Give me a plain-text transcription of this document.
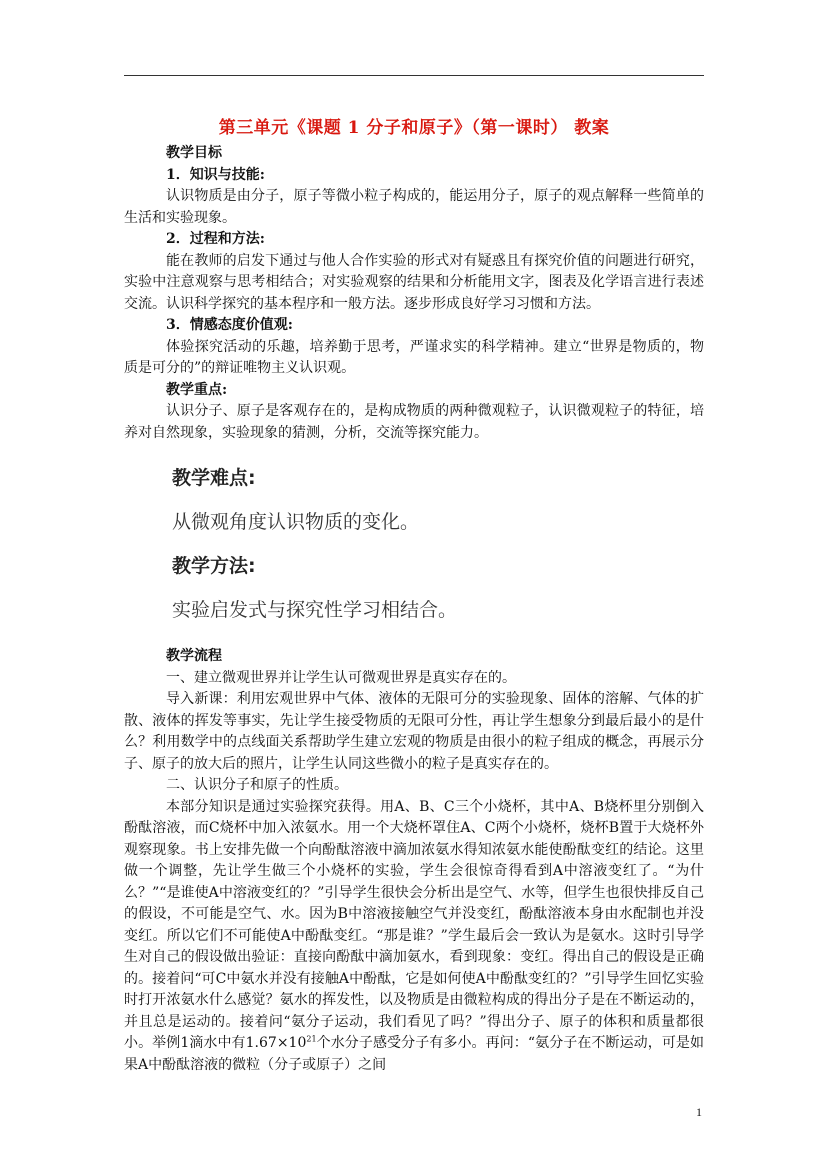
第三单元《课题 1 分子和原子》（第一课时） 教案

教学目标

1．知识与技能:

认识物质是由分子，原子等微小粒子构成的，能运用分子，原子的观点解释一些简单的生活和实验现象。

2．过程和方法:

能在教师的启发下通过与他人合作实验的形式对有疑惑且有探究价值的问题进行研究，实验中注意观察与思考相结合；对实验观察的结果和分析能用文字，图表及化学语言进行表述交流。认识科学探究的基本程序和一般方法。逐步形成良好学习习惯和方法。

3．情感态度价值观:

体验探究活动的乐趣，培养勤于思考，严谨求实的科学精神。建立“世界是物质的，物质是可分的”的辩证唯物主义认识观。

教学重点:

认识分子、原子是客观存在的，是构成物质的两种微观粒子，认识微观粒子的特征，培养对自然现象，实验现象的猜测，分析，交流等探究能力。

教学难点:
从微观角度认识物质的变化。
教学方法:
实验启发式与探究性学习相结合。

教学流程

一、建立微观世界并让学生认可微观世界是真实存在的。

导入新课：利用宏观世界中气体、液体的无限可分的实验现象、固体的溶解、气体的扩散、液体的挥发等事实，先让学生接受物质的无限可分性，再让学生想象分到最后最小的是什么？利用数学中的点线面关系帮助学生建立宏观的物质是由很小的粒子组成的概念，再展示分子、原子的放大后的照片，让学生认同这些微小的粒子是真实存在的。

二、认识分子和原子的性质。

本部分知识是通过实验探究获得。用A、B、C三个小烧杯，其中A、B烧杯里分别倒入酚酞溶液，而C烧杯中加入浓氨水。用一个大烧杯罩住A、C两个小烧杯，烧杯B置于大烧杯外观察现象。书上安排先做一个向酚酞溶液中滴加浓氨水得知浓氨水能使酚酞变红的结论。这里做一个调整，先让学生做三个小烧杯的实验，学生会很惊奇得看到A中溶液变红了。“为什么？”“是谁使A中溶液变红的？”引导学生很快会分析出是空气、水等，但学生也很快排反自己的假设，不可能是空气、水。因为B中溶液接触空气并没变红，酚酞溶液本身由水配制也并没变红。所以它们不可能使A中酚酞变红。“那是谁？”学生最后会一致认为是氨水。这时引导学生对自己的假设做出验证：直接向酚酞中滴加氨水，看到现象：变红。得出自己的假设是正确的。接着问“可C中氨水并没有接触A中酚酞，它是如何使A中酚酞变红的？”引导学生回忆实验时打开浓氨水什么感觉？氨水的挥发性，以及物质是由微粒构成的得出分子是在不断运动的，并且总是运动的。接着问“氨分子运动，我们看见了吗？”得出分子、原子的体积和质量都很小。举例1滴水中有$1.67\times 10^{21}$个水分子感受分子有多小。再问：“氨分子在不断运动，可是如果A中酚酞溶液的微粒（分子或原子）之间

1
